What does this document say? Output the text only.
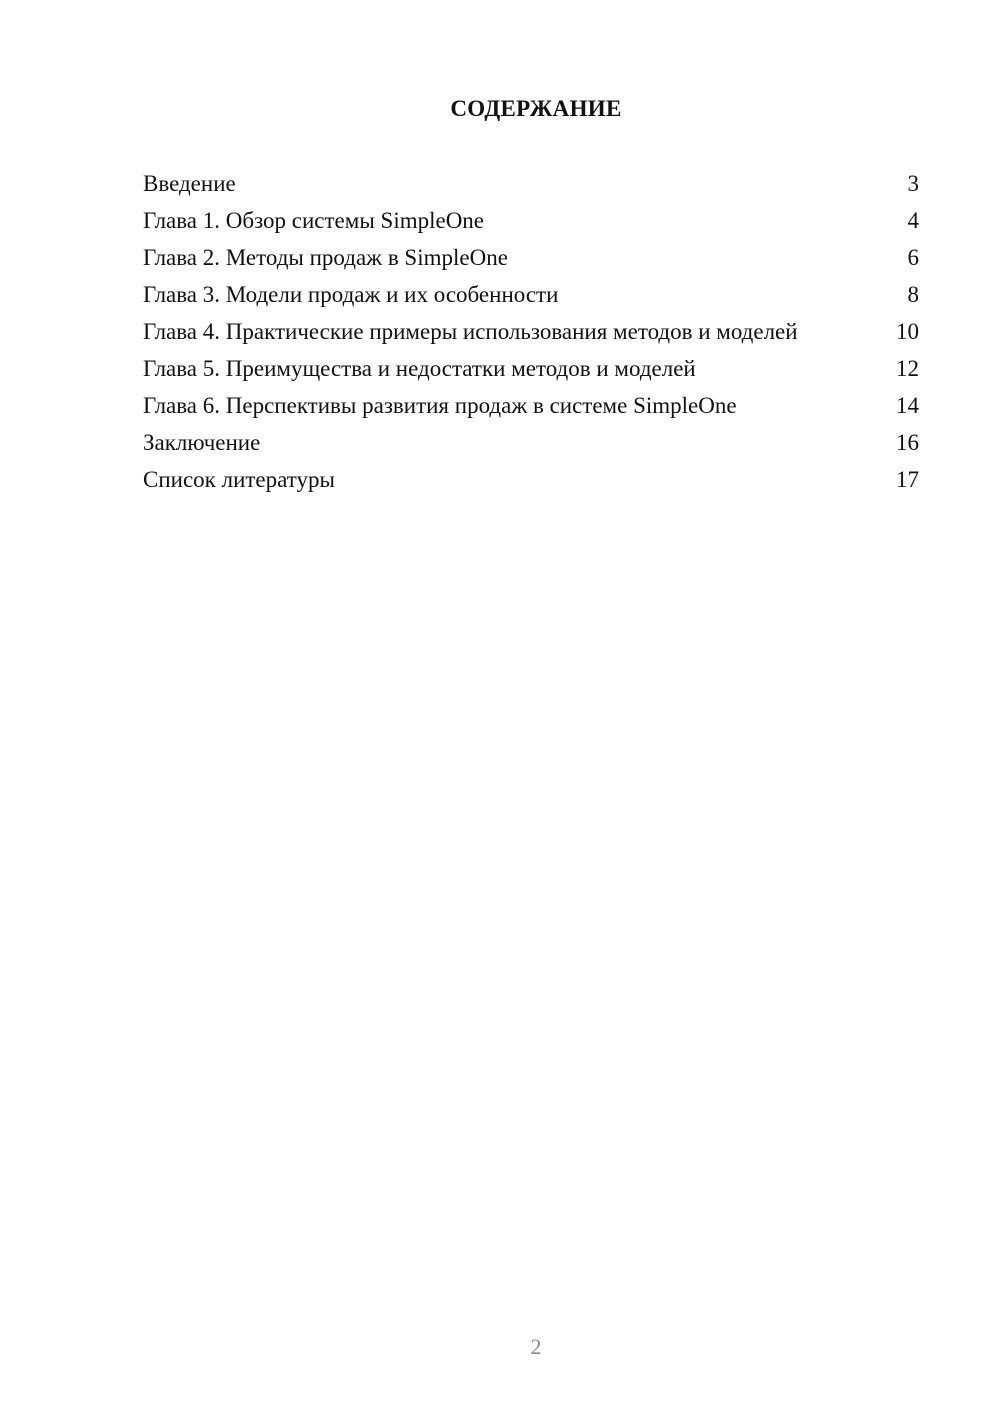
СОДЕРЖАНИЕ
Введение	3
Глава 1. Обзор системы SimpleOne	4
Глава 2. Методы продаж в SimpleOne	6
Глава 3. Модели продаж и их особенности	8
Глава 4. Практические примеры использования методов и моделей	10
Глава 5. Преимущества и недостатки методов и моделей	12
Глава 6. Перспективы развития продаж в системе SimpleOne	14
Заключение	16
Список литературы	17
2
